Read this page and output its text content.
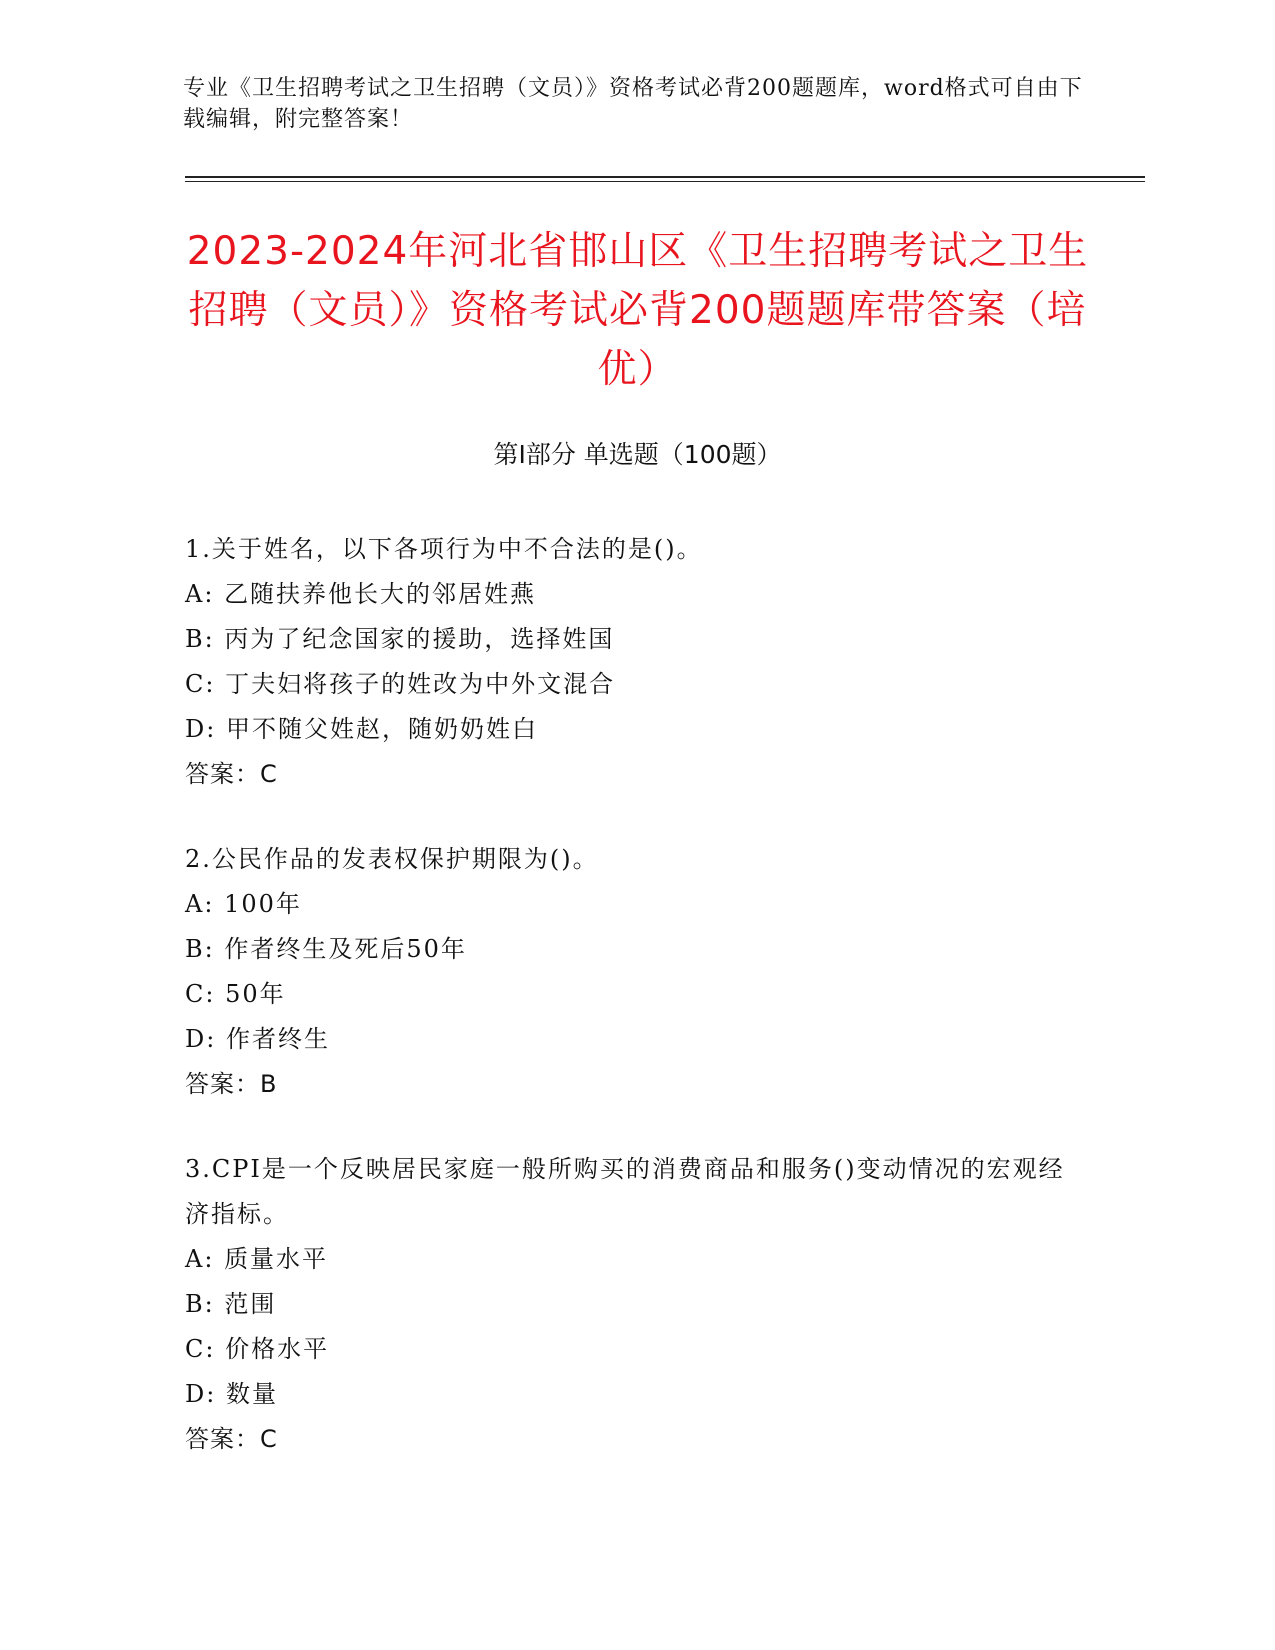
专业《卫生招聘考试之卫生招聘（文员）》资格考试必背200题题库，word格式可自由下载编辑，附完整答案！
2023-2024年河北省邯山区《卫生招聘考试之卫生招聘（文员）》资格考试必背200题题库带答案（培优）
第Ⅰ部分 单选题（100题）
1.关于姓名，以下各项行为中不合法的是()。
A: 乙随扶养他长大的邻居姓燕
B: 丙为了纪念国家的援助，选择姓国
C: 丁夫妇将孩子的姓改为中外文混合
D: 甲不随父姓赵，随奶奶姓白
答案：C
2.公民作品的发表权保护期限为()。
A: 100年
B: 作者终生及死后50年
C: 50年
D: 作者终生
答案：B
3.CPI是一个反映居民家庭一般所购买的消费商品和服务()变动情况的宏观经济指标。
A: 质量水平
B: 范围
C: 价格水平
D: 数量
答案：C
